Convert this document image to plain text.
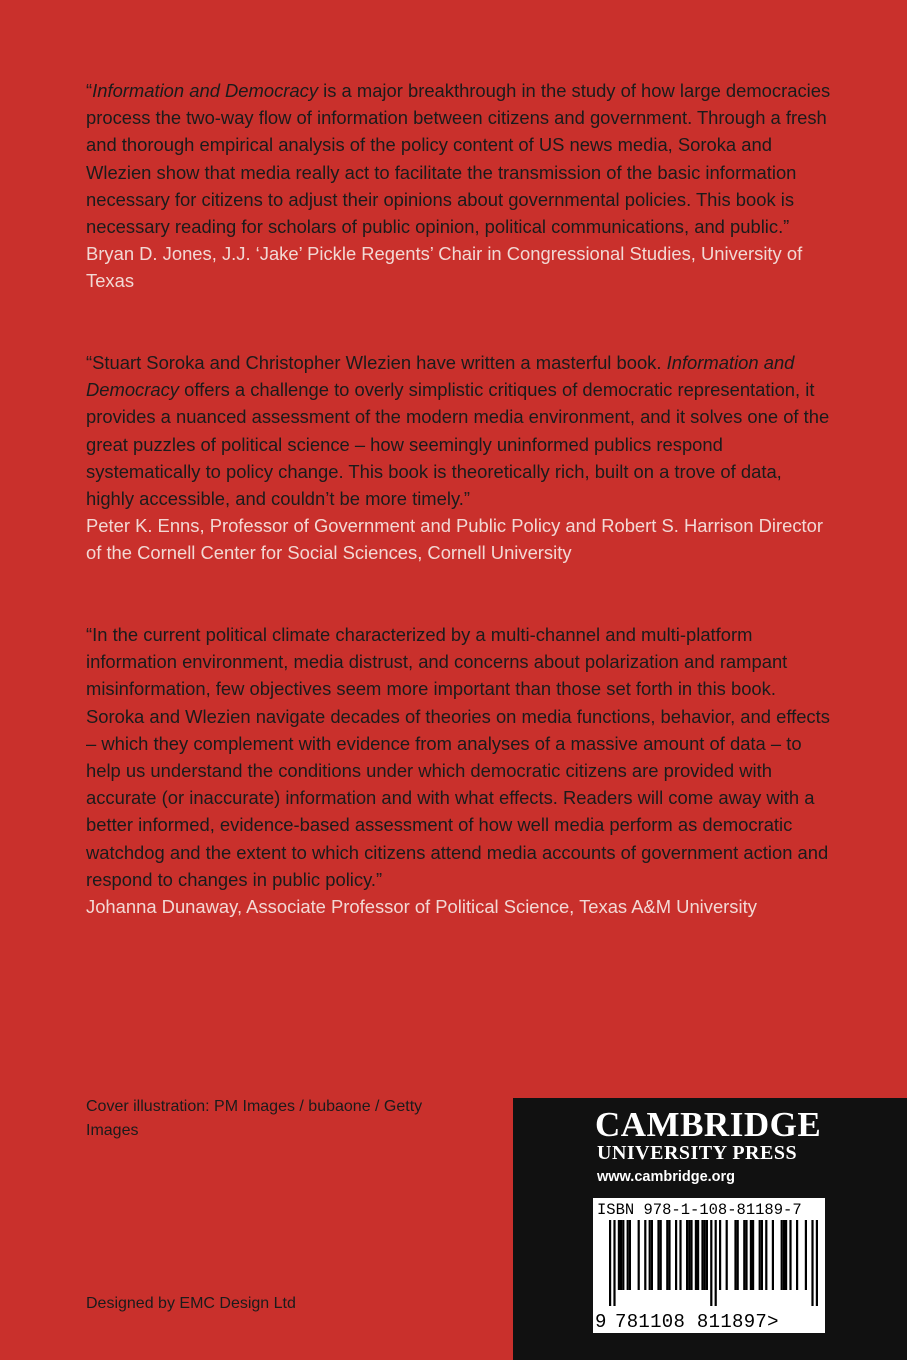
“Information and Democracy is a major breakthrough in the study of how large democracies process the two-way flow of information between citizens and government. Through a fresh and thorough empirical analysis of the policy content of US news media, Soroka and Wlezien show that media really act to facilitate the transmission of the basic information necessary for citizens to adjust their opinions about governmental policies. This book is necessary reading for scholars of public opinion, political communications, and public.”

Bryan D. Jones, J.J. ‘Jake’ Pickle Regents’ Chair in Congressional Studies, University of Texas

“Stuart Soroka and Christopher Wlezien have written a masterful book. Information and Democracy offers a challenge to overly simplistic critiques of democratic representation, it provides a nuanced assessment of the modern media environment, and it solves one of the great puzzles of political science – how seemingly uninformed publics respond systematically to policy change. This book is theoretically rich, built on a trove of data, highly accessible, and couldn’t be more timely.”

Peter K. Enns, Professor of Government and Public Policy and Robert S. Harrison Director of the Cornell Center for Social Sciences, Cornell University

“In the current political climate characterized by a multi-channel and multi-platform information environment, media distrust, and concerns about polarization and rampant misinformation, few objectives seem more important than those set forth in this book. Soroka and Wlezien navigate decades of theories on media functions, behavior, and effects – which they complement with evidence from analyses of a massive amount of data – to help us understand the conditions under which democratic citizens are provided with accurate (or inaccurate) information and with what effects. Readers will come away with a better informed, evidence-based assessment of how well media perform as democratic watchdog and the extent to which citizens attend media accounts of government action and respond to changes in public policy.”

Johanna Dunaway, Associate Professor of Political Science, Texas A&M University

Cover illustration: PM Images / bubaone / Getty Images
Designed by EMC Design Ltd
CAMBRIDGE
UNIVERSITY PRESS
www.cambridge.org
ISBN 978-1-108-81189-7
9 781108 811897>
